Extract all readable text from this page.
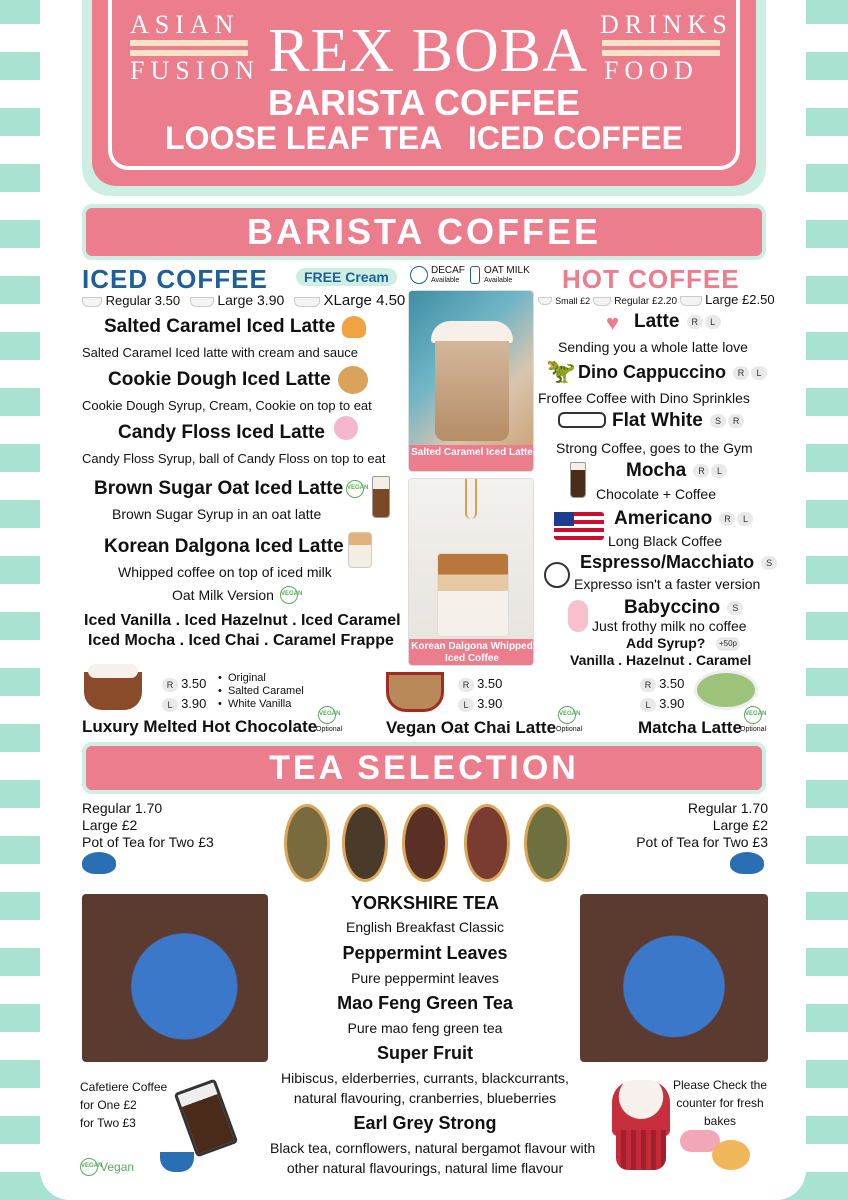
ASIAN
FUSION
DRINKS
FOOD
REX BOBA
BARISTA COFFEE
LOOSE LEAF TEA   ICED COFFEE
BARISTA COFFEE
ICED COFFEE	FREE Cream
Regular 3.50	Large 3.90	XLarge 4.50
Salted Caramel Iced Latte
Salted Caramel Iced latte with cream and sauce
Cookie Dough Iced Latte
Cookie Dough Syrup, Cream, Cookie on top to eat
Candy Floss Iced Latte
Candy Floss Syrup, ball of Candy Floss on top to eat
Brown Sugar Oat Iced Latte VEGAN
Brown Sugar Syrup in an oat latte
Korean Dalgona Iced Latte
Whipped coffee on top of iced milk
Oat Milk Version VEGAN
Iced Vanilla . Iced Hazelnut . Iced Caramel
Iced Mocha . Iced Chai . Caramel Frappe
DECAF
Available
OAT MILK
Available
Salted Caramel Iced Latte
Korean Dalgona Whipped Iced Coffee
HOT COFFEE
Small £2 Regular £2.20 Large £2.50
♥ Latte R L
Sending you a whole latte love
🦖 Dino Cappuccino R L
Froffee Coffee with Dino Sprinkles
Flat White S R
Strong Coffee, goes to the Gym
Mocha R L
Chocolate + Coffee
Americano R L
Long Black Coffee
Espresso/Macchiato S
Expresso isn't a faster version
Babyccino S
Just frothy milk no coffee
Add Syrup?	+50p
Vanilla . Hazelnut . Caramel
R 3.50
L 3.90
•  Original
•  Salted Caramel
•  White Vanilla
Luxury Melted Hot Chocolate
VEGAN
Optional
R 3.50
L 3.90
Vegan Oat Chai Latte
VEGAN
Optional
R 3.50
L 3.90
Matcha Latte
VEGAN
Optional
TEA SELECTION
Regular 1.70
Large £2
Pot of Tea for Two £3
Regular 1.70
Large £2
Pot of Tea for Two £3
YORKSHIRE TEA
English Breakfast Classic
Peppermint Leaves
Pure peppermint leaves
Mao Feng Green Tea
Pure mao feng green tea
Super Fruit
Hibiscus, elderberries, currants, blackcurrants,
natural flavouring, cranberries, blueberries
Earl Grey Strong
Black tea, cornflowers, natural bergamot flavour with
other natural flavourings, natural lime flavour
Cafetiere Coffee
for One £2
for Two £3
VEGAN
Vegan
Please Check the
counter for fresh
bakes
